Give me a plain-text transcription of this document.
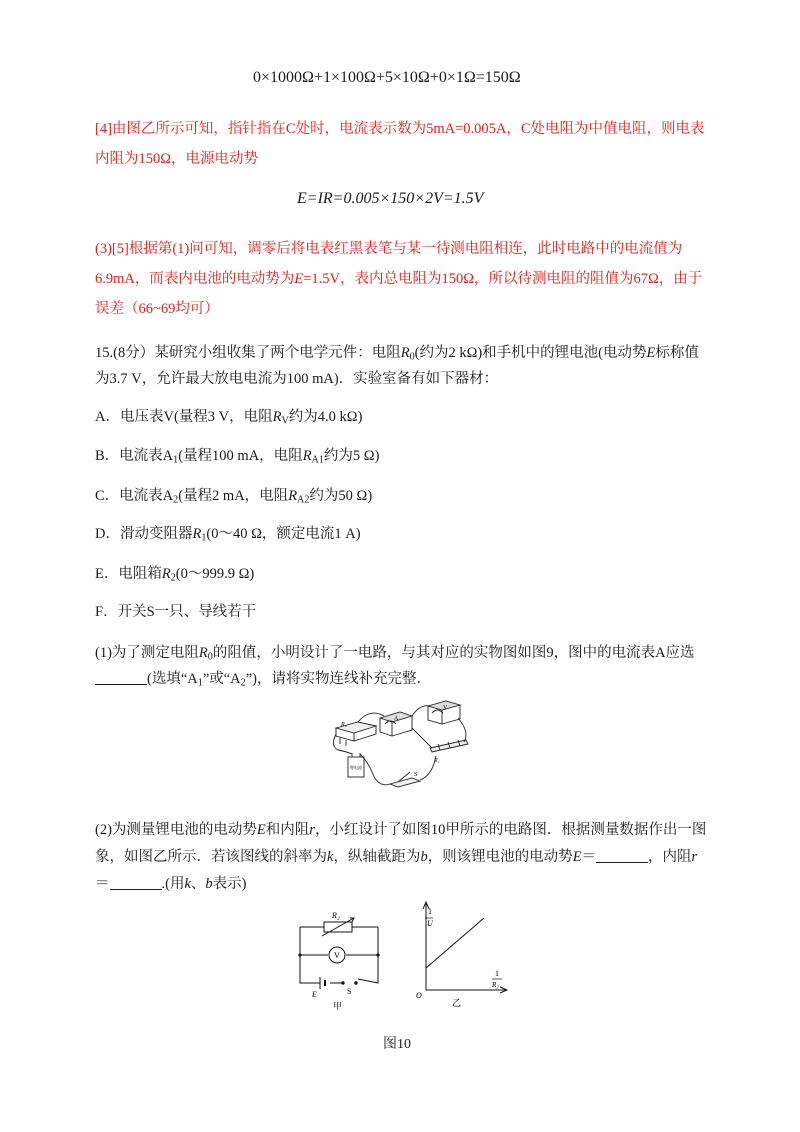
0×1000Ω+1×100Ω+5×10Ω+0×1Ω=150Ω
[4]由图乙所示可知，指针指在C处时，电流表示数为5mA=0.005A，C处电阻为中值电阻，则电表
内阻为150Ω，电源电动势
E=IR=0.005×150×2V=1.5V
(3)[5]根据第(1)问可知，调零后将电表红黑表笔与某一待测电阻相连，此时电路中的电流值为
6.9mA，而表内电池的电动势为E=1.5V，表内总电阻为150Ω，所以待测电阻的阻值为67Ω，由于
误差（66~69均可）
15.(8分）某研究小组收集了两个电学元件：电阻$R_0$(约为2 kΩ)和手机中的锂电池(电动势E标称值
为3.7 V，允许最大放电电流为100 mA)．实验室备有如下器材：
A．电压表V(量程3 V，电阻$R_V$约为4.0 kΩ)
B．电流表$A_1$(量程100 mA，电阻$R_{A1}$约为5 Ω)
C．电流表$A_2$(量程2 mA，电阻$R_{A2}$约为50 Ω)
D．滑动变阻器$R_1(0\sim 40$ Ω，额定电流1 A)
E．电阻箱$R_2(0\sim 999.9$ Ω)
F．开关S一只、导线若干
(1)为了测定电阻$R_0$的阻值，小明设计了一电路，与其对应的实物图如图9，图中的电流表A应选
(选填“$A_1$”或“$A_2$”)，请将实物连线补充完整．
R₀
A
V
R₁
锂电池
S
(2)为测量锂电池的电动势E和内阻r，小红设计了如图10甲所示的电路图．根据测量数据作出一图
象，如图乙所示．若该图线的斜率为k，纵轴截距为b，则该锂电池的电动势E＝	，内阻r
＝	.(用k、b表示)
R₂
V
E	S
甲
1
U
1
R₂
O
乙
图10
